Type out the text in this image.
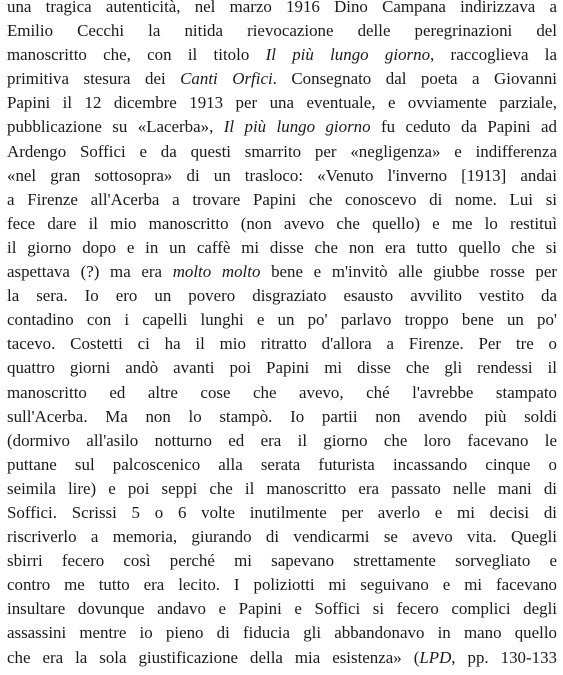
una tragica autenticità, nel marzo 1916 Dino Campana indirizzava a
Emilio Cecchi la nitida rievocazione delle peregrinazioni del
manoscritto che, con il titolo Il più lungo giorno, raccoglieva la
primitiva stesura dei Canti Orfici. Consegnato dal poeta a Giovanni
Papini il 12 dicembre 1913 per una eventuale, e ovviamente parziale,
pubblicazione su «Lacerba», Il più lungo giorno fu ceduto da Papini ad
Ardengo Soffici e da questi smarrito per «negligenza» e indifferenza
«nel gran sottosopra» di un trasloco: «Venuto l'inverno [1913] andai
a Firenze all'Acerba a trovare Papini che conoscevo di nome. Lui si
fece dare il mio manoscritto (non avevo che quello) e me lo restituì
il giorno dopo e in un caffè mi disse che non era tutto quello che si
aspettava (?) ma era molto molto bene e m'invitò alle giubbe rosse per
la sera. Io ero un povero disgraziato esausto avvilito vestito da
contadino con i capelli lunghi e un po' parlavo troppo bene un po'
tacevo. Costetti ci ha il mio ritratto d'allora a Firenze. Per tre o
quattro giorni andò avanti poi Papini mi disse che gli rendessi il
manoscritto ed altre cose che avevo, ché l'avrebbe stampato
sull'Acerba. Ma non lo stampò. Io partii non avendo più soldi
(dormivo all'asilo notturno ed era il giorno che loro facevano le
puttane sul palcoscenico alla serata futurista incassando cinque o
seimila lire) e poi seppi che il manoscritto era passato nelle mani di
Soffici. Scrissi 5 o 6 volte inutilmente per averlo e mi decisi di
riscriverlo a memoria, giurando di vendicarmi se avevo vita. Quegli
sbirri fecero così perché mi sapevano strettamente sorvegliato e
contro me tutto era lecito. I poliziotti mi seguivano e mi facevano
insultare dovunque andavo e Papini e Soffici si fecero complici degli
assassini mentre io pieno di fiducia gli abbandonavo in mano quello
che era la sola giustificazione della mia esistenza» (LPD, pp. 130-133
